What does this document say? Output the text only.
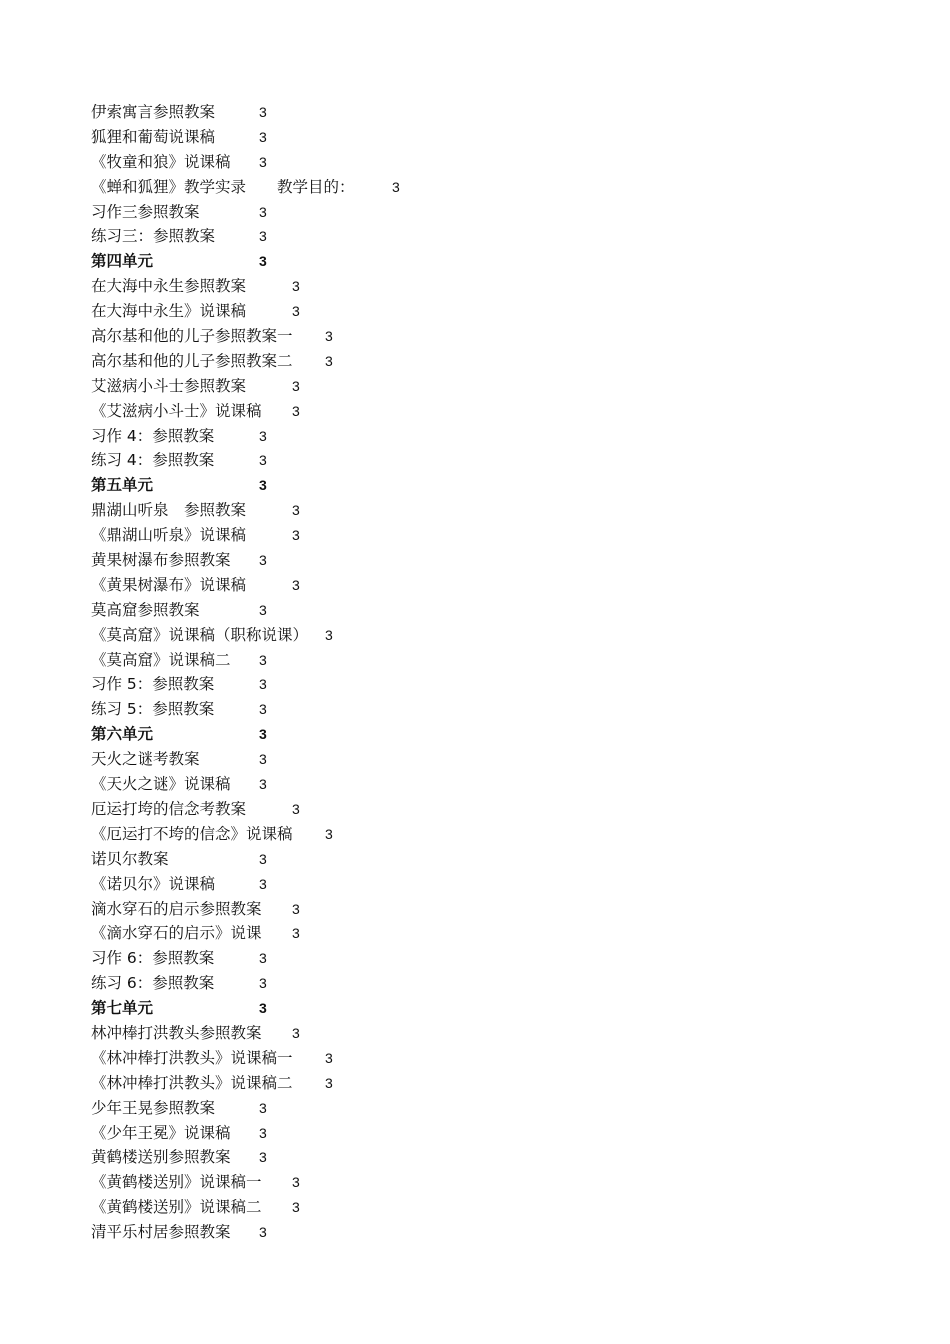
伊索寓言参照教案	3
狐狸和葡萄说课稿	3
《牧童和狼》说课稿 3
《蝉和狐狸》教学实录　　教学目的：	3
习作三参照教案	3
练习三：参照教案	3
第四单元	3
在大海中永生参照教案	3
在大海中永生》说课稿	3
高尔基和他的儿子参照教案一 3
高尔基和他的儿子参照教案二 3
艾滋病小斗士参照教案	3
《艾滋病小斗士》说课稿 3
习作 4：参照教案	3
练习 4：参照教案	3
第五单元	3
鼎湖山听泉　参照教案	3
《鼎湖山听泉》说课稿	3
黄果树瀑布参照教案 3
《黄果树瀑布》说课稿	3
莫高窟参照教案	3
《莫高窟》说课稿（职称说课） 3
《莫高窟》说课稿二 3
习作 5：参照教案	3
练习 5：参照教案	3
第六单元	3
天火之谜考教案	3
《天火之谜》说课稿 3
厄运打垮的信念考教案	3
《厄运打不垮的信念》说课稿 3
诺贝尔教案	3
《诺贝尔》说课稿	3
滴水穿石的启示参照教案 3
《滴水穿石的启示》说课 3
习作 6：参照教案	3
练习 6：参照教案	3
第七单元	3
林冲棒打洪教头参照教案 3
《林冲棒打洪教头》说课稿一 3
《林冲棒打洪教头》说课稿二 3
少年王晃参照教案	3
《少年王冕》说课稿 3
黄鹤楼送别参照教案 3
《黄鹤楼送别》说课稿一 3
《黄鹤楼送别》说课稿二 3
清平乐村居参照教案 3
